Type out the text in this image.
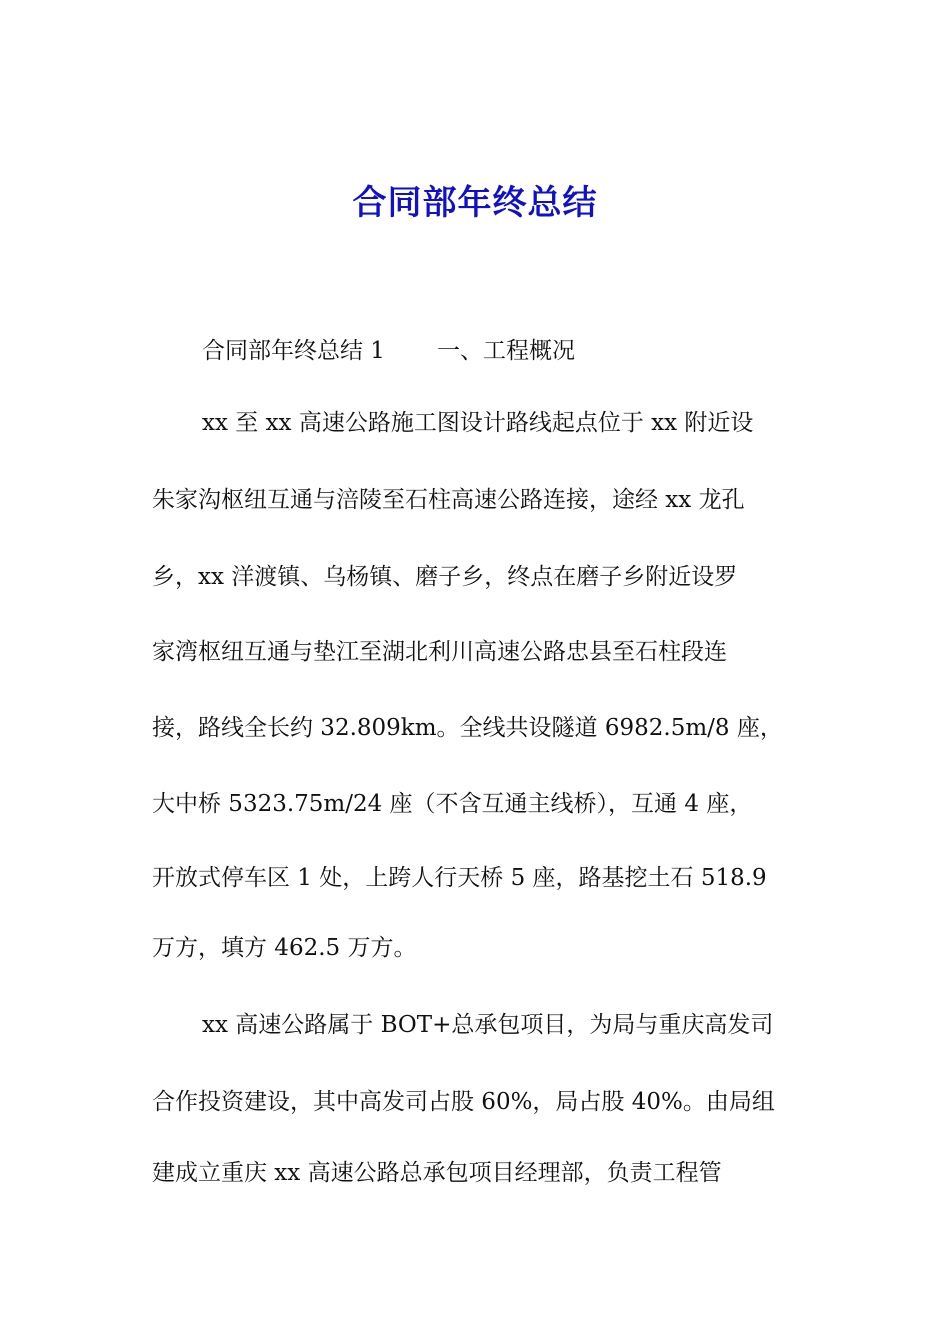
合同部年终总结
合同部年终总结 1 一、工程概况
xx 至 xx 高速公路施工图设计路线起点位于 xx 附近设
朱家沟枢纽互通与涪陵至石柱高速公路连接，途经 xx 龙孔
乡，xx 洋渡镇、乌杨镇、磨子乡，终点在磨子乡附近设罗
家湾枢纽互通与垫江至湖北利川高速公路忠县至石柱段连
接，路线全长约 32.809km。全线共设隧道 6982.5m/8 座，
大中桥 5323.75m/24 座（不含互通主线桥），互通 4 座，
开放式停车区 1 处，上跨人行天桥 5 座，路基挖土石 518.9
万方，填方 462.5 万方。
xx 高速公路属于 BOT+总承包项目，为局与重庆高发司
合作投资建设，其中高发司占股 60%，局占股 40%。由局组
建成立重庆 xx 高速公路总承包项目经理部，负责工程管
